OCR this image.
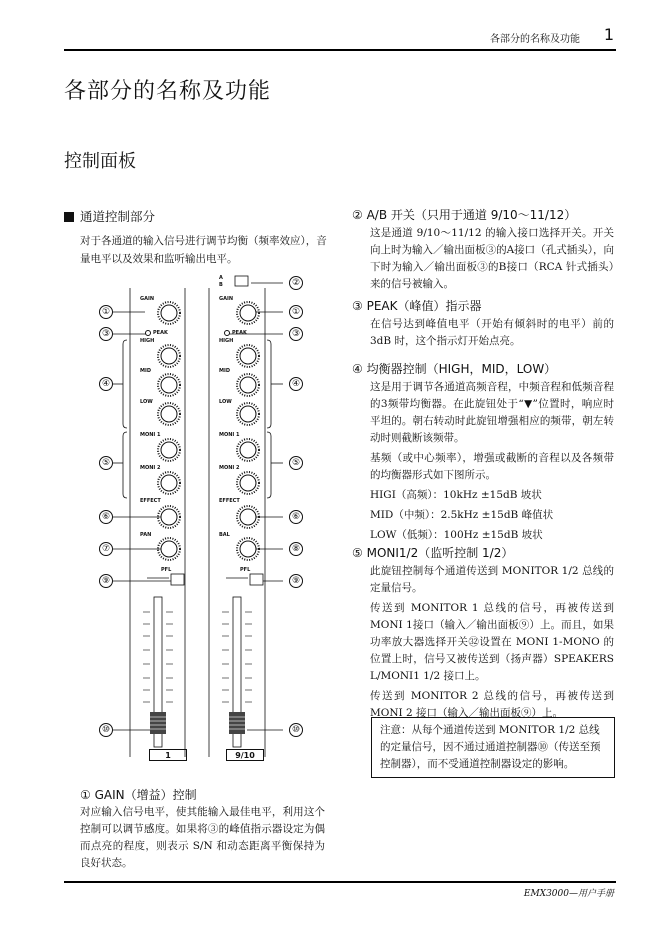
各部分的名称及功能 1
各部分的名称及功能
控制面板
通道控制部分
对于各通道的输入信号进行调节均衡（频率效应），音量电平以及效果和监听输出电平。
GAIN	GAIN
PEAK	PEAK
HIGH	HIGH
MID	MID
LOW	LOW
MONI 1	MONI 1
MONI 2	MONI 2
EFFECT	EFFECT
PAN	BAL
PFL	PFL
A
B
1	9/10
①
③
④
⑤
⑥
⑦
⑨
⑩
②
①
③
④
⑤
⑥
⑧
⑨
⑩
① GAIN（增益）控制
对应输入信号电平，使其能输入最佳电平，利用这个控制可以调节感度。如果将③的峰值指示器设定为偶而点亮的程度，则表示 S/N 和动态距离平衡保持为良好状态。
② A/B 开关（只用于通道 9/10～11/12）
这是通道 9/10～11/12 的输入接口选择开关。开关向上时为输入／输出面板③的A接口（孔式插头），向下时为输入／输出面板③的B接口（RCA 针式插头）来的信号被输入。
③ PEAK（峰值）指示器
在信号达到峰值电平（开始有倾斜时的电平）前的 3dB 时，这个指示灯开始点亮。
④ 均衡器控制（HIGH，MID，LOW）
这是用于调节各通道高频音程，中频音程和低频音程的3频带均衡器。在此旋钮处于“▼”位置时，响应时平坦的。朝右转动时此旋钮增强相应的频带，朝左转动时则截断该频带。
基频（或中心频率），增强或截断的音程以及各频带的均衡器形式如下图所示。
HIGI（高频）：10kHz ±15dB 坡状
MID（中频）：2.5kHz ±15dB 峰值状
LOW（低频）：100Hz ±15dB 坡状
⑤ MONI1/2（监听控制 1/2）
此旋钮控制每个通道传送到 MONITOR 1/2 总线的定量信号。
传送到 MONITOR 1 总线的信号，再被传送到 MONI 1接口（输入／输出面板⑨）上。而且，如果功率放大器选择开关㉜设置在 MONI 1-MONO 的位置上时，信号又被传送到（扬声器）SPEAKERS L/MONI1 1/2 接口上。
传送到 MONITOR 2 总线的信号，再被传送到 MONI 2 接口（输入／输出面板⑨）上。
注意：从每个通道传送到 MONITOR 1/2 总线的定量信号，因不通过通道控制器⑩（传送至预控制器），而不受通道控制器设定的影响。
EMX3000—用户手册
